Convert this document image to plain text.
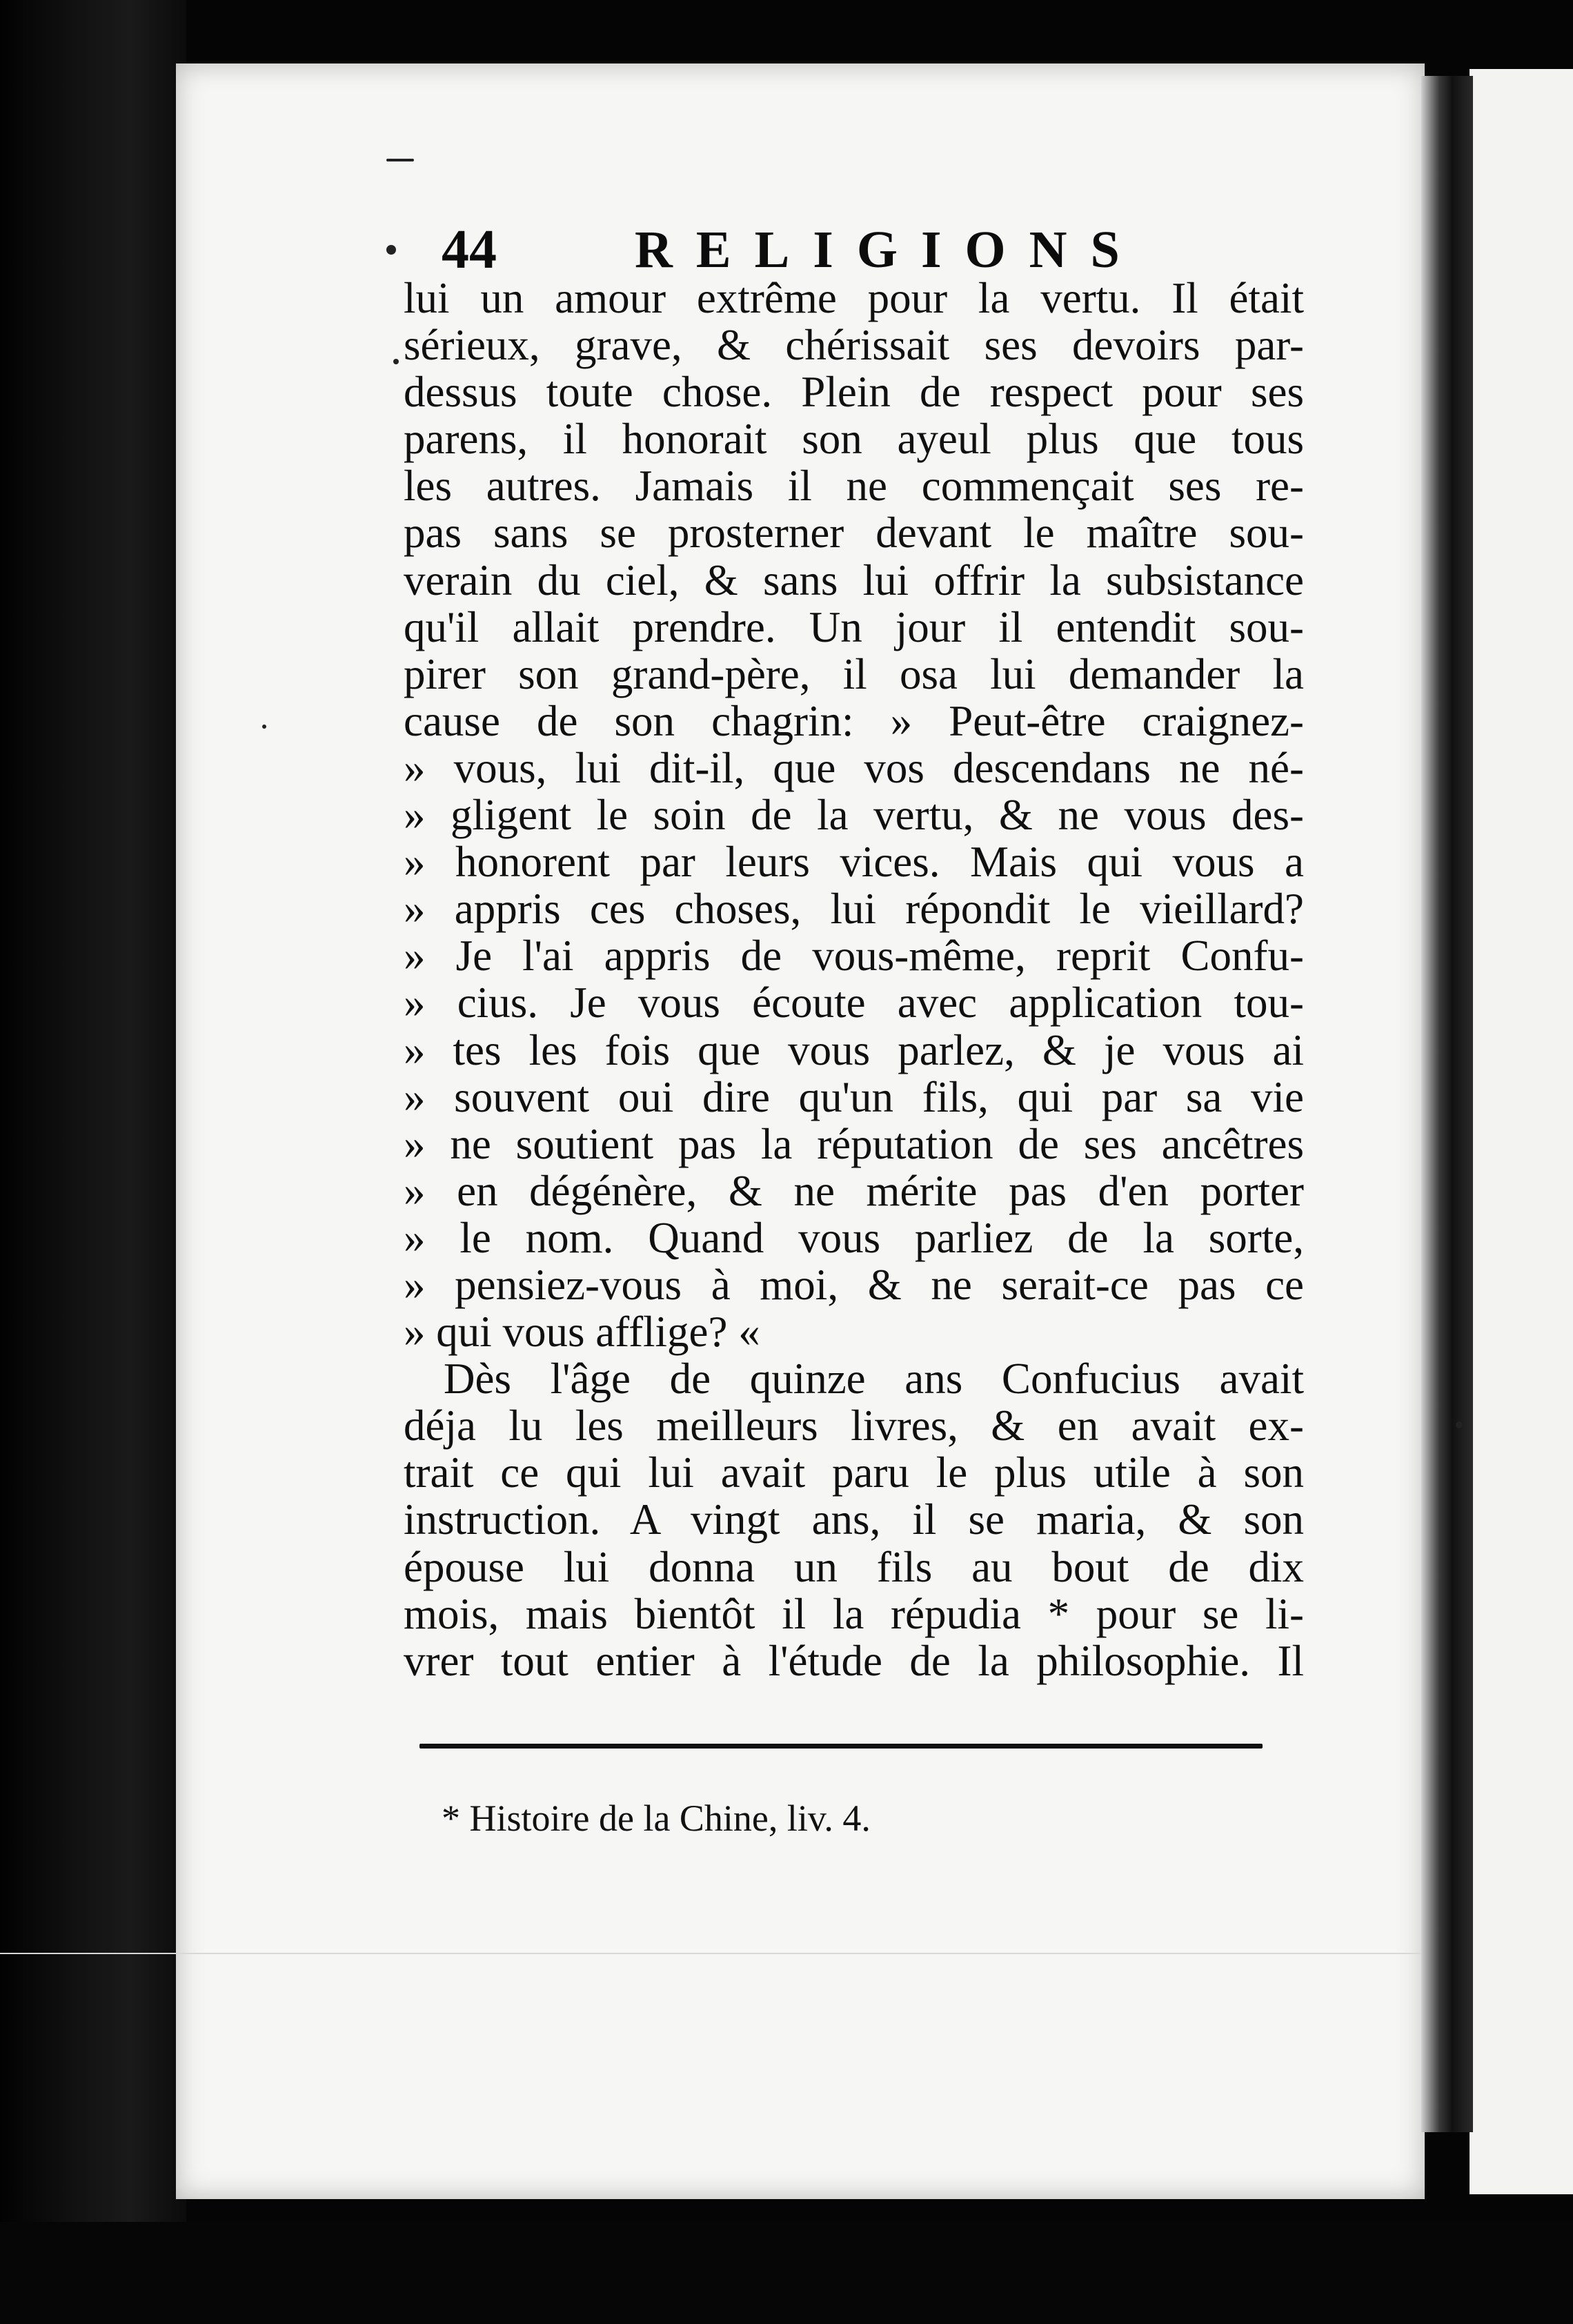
44	RELIGIONS
lui un amour extrême pour la vertu. Il était
sérieux, grave, & chérissait ses devoirs par-
dessus toute chose. Plein de respect pour ses
parens, il honorait son ayeul plus que tous
les autres. Jamais il ne commençait ses re-
pas sans se prosterner devant le maître sou-
verain du ciel, & sans lui offrir la subsistance
qu'il allait prendre. Un jour il entendit sou-
pirer son grand-père, il osa lui demander la
cause de son chagrin: » Peut-être craignez-
» vous, lui dit-il, que vos descendans ne né-
» gligent le soin de la vertu, & ne vous des-
» honorent par leurs vices. Mais qui vous a
» appris ces choses, lui répondit le vieillard?
» Je l'ai appris de vous-même, reprit Confu-
» cius. Je vous écoute avec application tou-
» tes les fois que vous parlez, & je vous ai
» souvent oui dire qu'un fils, qui par sa vie
» ne soutient pas la réputation de ses ancêtres
» en dégénère, & ne mérite pas d'en porter
» le nom. Quand vous parliez de la sorte,
» pensiez-vous à moi, & ne serait-ce pas ce
» qui vous afflige? «
Dès l'âge de quinze ans Confucius avait
déja lu les meilleurs livres, & en avait ex-
trait ce qui lui avait paru le plus utile à son
instruction. A vingt ans, il se maria, & son
épouse lui donna un fils au bout de dix
mois, mais bientôt il la répudia * pour se li-
vrer tout entier à l'étude de la philosophie. Il
* Histoire de la Chine, liv. 4.
